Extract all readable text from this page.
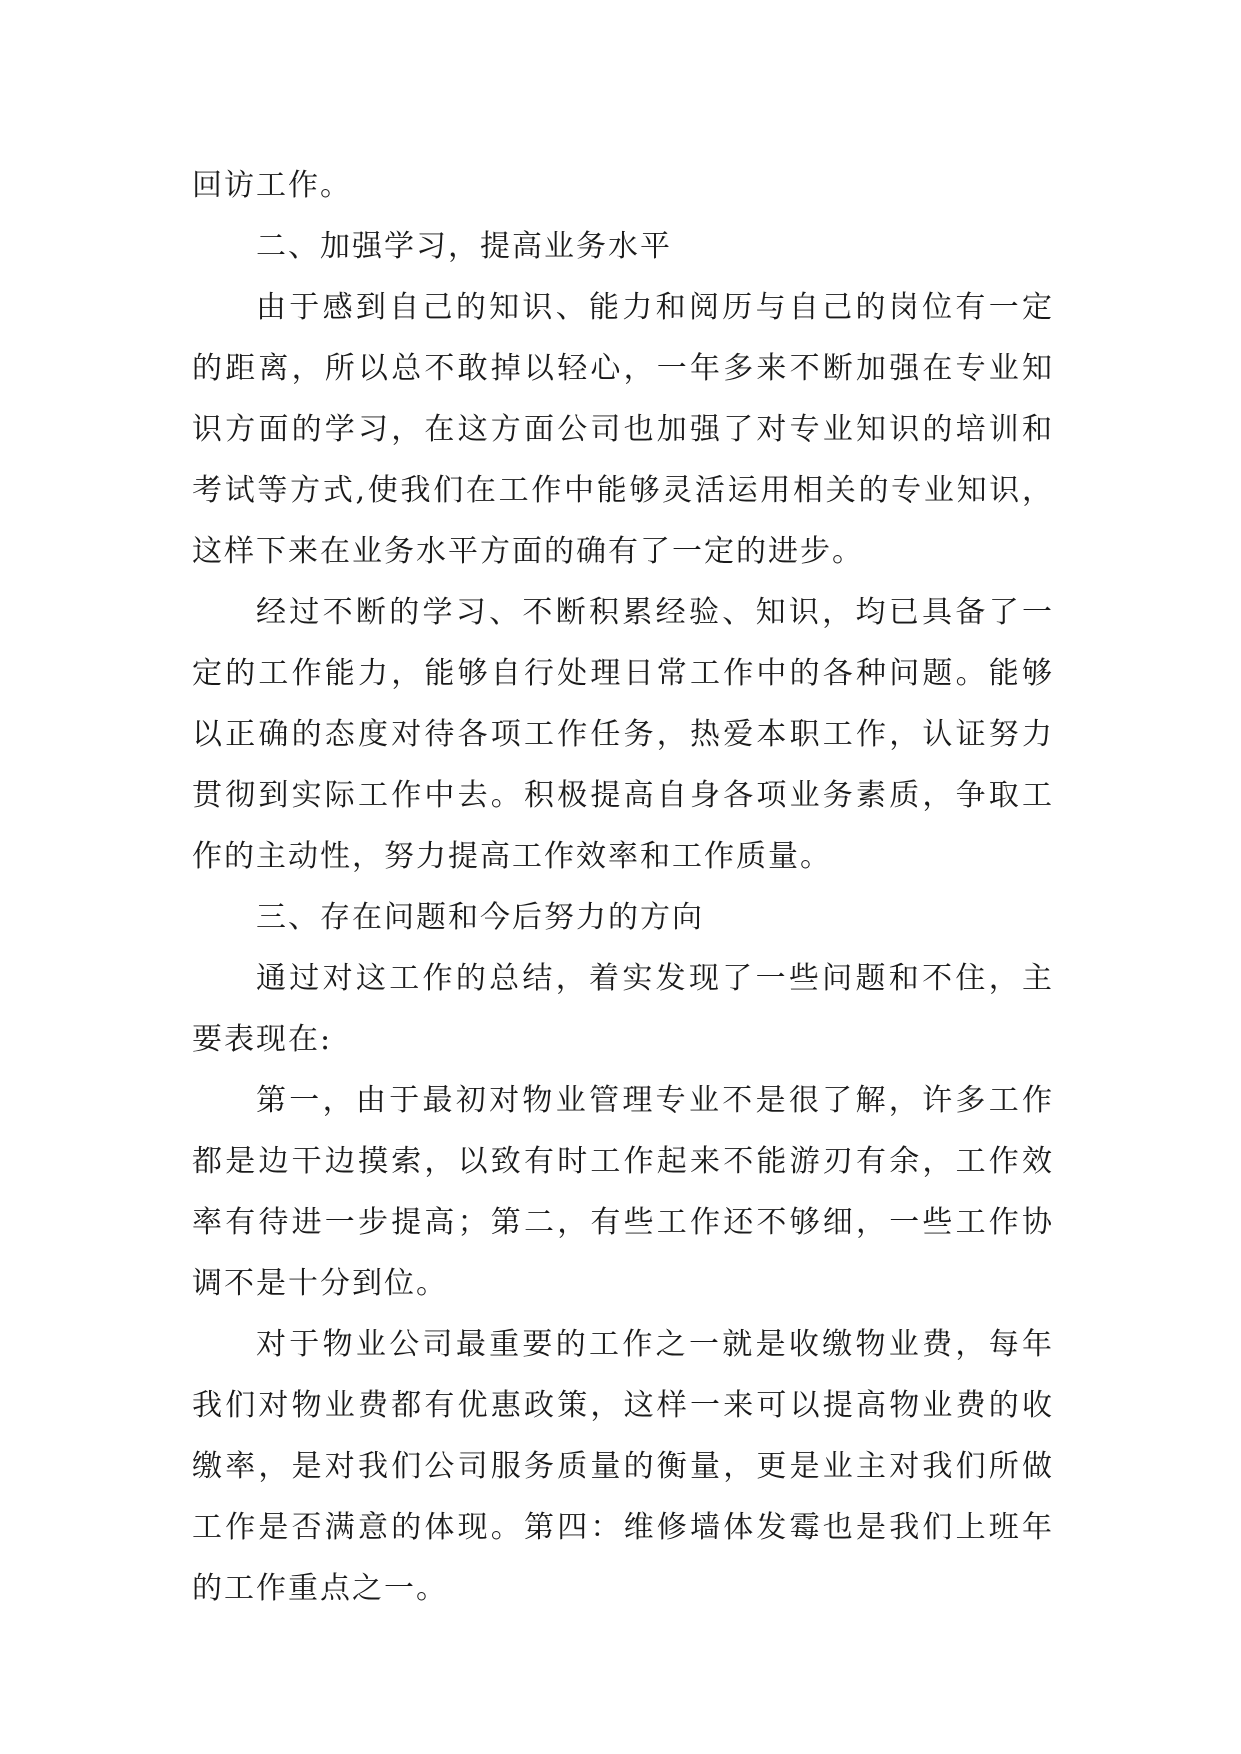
回访工作。

二、加强学习，提高业务水平

由于感到自己的知识、能力和阅历与自己的岗位有一定的距离，所以总不敢掉以轻心，一年多来不断加强在专业知识方面的学习，在这方面公司也加强了对专业知识的培训和考试等方式,使我们在工作中能够灵活运用相关的专业知识，这样下来在业务水平方面的确有了一定的进步。

经过不断的学习、不断积累经验、知识，均已具备了一定的工作能力，能够自行处理日常工作中的各种问题。能够以正确的态度对待各项工作任务，热爱本职工作，认证努力贯彻到实际工作中去。积极提高自身各项业务素质，争取工作的主动性，努力提高工作效率和工作质量。

三、存在问题和今后努力的方向

通过对这工作的总结，着实发现了一些问题和不住，主要表现在:

第一，由于最初对物业管理专业不是很了解，许多工作都是边干边摸索，以致有时工作起来不能游刃有余，工作效率有待进一步提高；第二，有些工作还不够细，一些工作协调不是十分到位。

对于物业公司最重要的工作之一就是收缴物业费，每年我们对物业费都有优惠政策，这样一来可以提高物业费的收缴率，是对我们公司服务质量的衡量，更是业主对我们所做工作是否满意的体现。第四：维修墙体发霉也是我们上班年的工作重点之一。
